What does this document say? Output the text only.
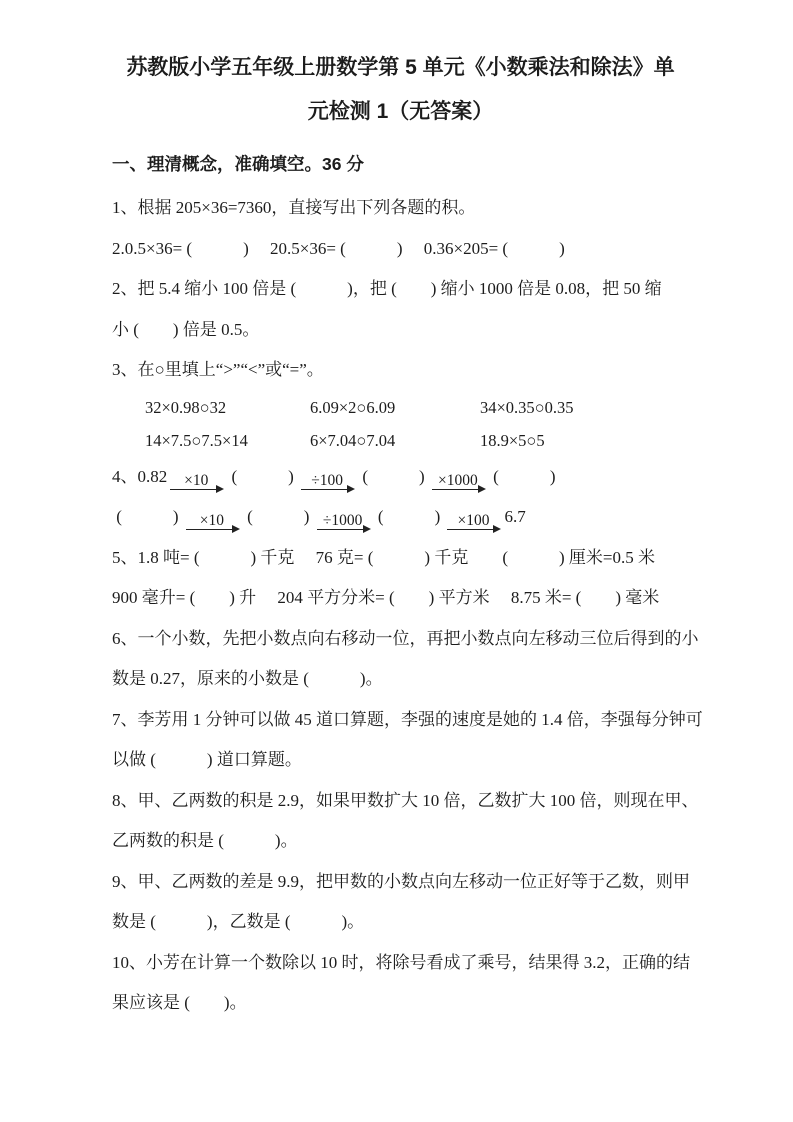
苏教版小学五年级上册数学第 5 单元《小数乘法和除法》单
元检测 1（无答案）
一、理清概念，准确填空。36 分

1、根据 205×36=7360，直接写出下列各题的积。

2.0.5×36= (　　　)　 20.5×36= (　　　)　 0.36×205= (　　　)

2、把 5.4 缩小 100 倍是 (　　　)，把 (　　) 缩小 1000 倍是 0.08，把 50 缩

小 (　　) 倍是 0.5。

3、在○里填上“>”“<”或“=”。

32×0.98○32	6.09×2○6.09	34×0.35○0.35
14×7.5○7.5×14	6×7.04○7.04	18.9×5○5

4、0.82	×10 (　　　) ÷100 (　　　) ×1000 (　　　)

(　　　)	×10 (　　　) ÷1000 (　　　) ×100 6.7

5、1.8 吨= (　　　) 千克　 76 克= (　　　) 千克　　(　　　) 厘米=0.5 米

900 毫升= (　　) 升　 204 平方分米= (　　) 平方米　 8.75 米= (　　) 毫米

6、一个小数，先把小数点向右移动一位，再把小数点向左移动三位后得到的小

数是 0.27，原来的小数是 (　　　)。

7、李芳用 1 分钟可以做 45 道口算题，李强的速度是她的 1.4 倍，李强每分钟可

以做 (　　　) 道口算题。

8、甲、乙两数的积是 2.9，如果甲数扩大 10 倍，乙数扩大 100 倍，则现在甲、

乙两数的积是 (　　　)。

9、甲、乙两数的差是 9.9，把甲数的小数点向左移动一位正好等于乙数，则甲

数是 (　　　)，乙数是 (　　　)。

10、小芳在计算一个数除以 10 时，将除号看成了乘号，结果得 3.2，正确的结

果应该是 (　　)。
